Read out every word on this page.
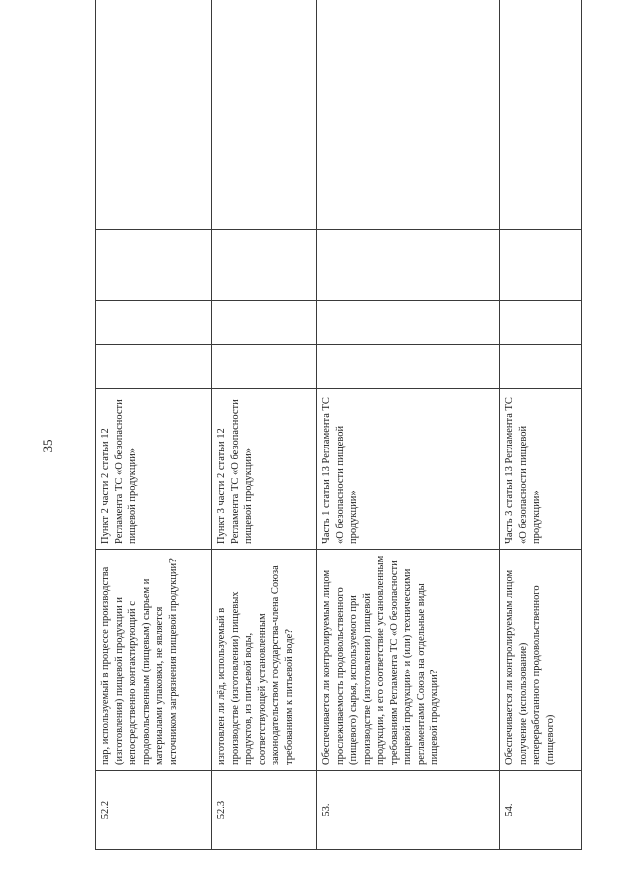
35
52.2	пар, используемый в процессе производства (изготовления) пищевой продукции и непосредственно контактирующий с продовольственным (пищевым) сырьем и материалами упаковки, не является источником загрязнения пищевой продукции?	Пункт 2 части 2 статьи 12 Регламента ТС «О безопасности пищевой продукции»				
52.3	изготовлен ли лёд, используемый в производстве (изготовлении) пищевых продуктов, из питьевой воды, соответствующей установленным законодательством государства-члена Союза требованиям к питьевой воде?	Пункт 3 части 2 статьи 12 Регламента ТС «О безопасности пищевой продукции»				
53.	Обеспечивается ли контролируемым лицом прослеживаемость продовольственного (пищевого) сырья, используемого при производстве (изготовлении) пищевой продукции, и его соответствие установленным требованиям Регламента ТС «О безопасности пищевой продукции» и (или) техническими регламентами Союза на отдельные виды пищевой продукции?	Часть 1 статьи 13 Регламента ТС «О безопасности пищевой продукции»				
54.	Обеспечивается ли контролируемым лицом получение (использование) непереработанного продовольственного (пищевого)	Часть 3 статьи 13 Регламента ТС «О безопасности пищевой продукции»				
